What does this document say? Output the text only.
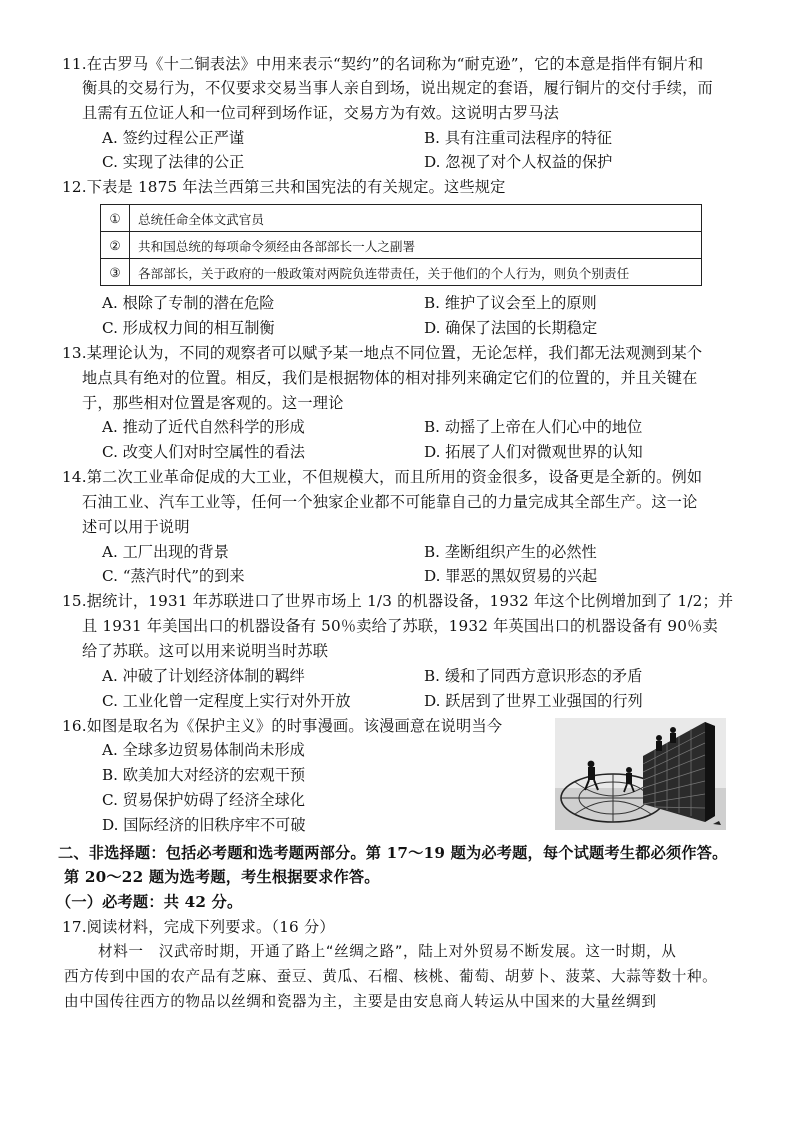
11.在古罗马《十二铜表法》中用来表示“契约”的名词称为“耐克逊”，它的本意是指伴有铜片和
衡具的交易行为，不仅要求交易当事人亲自到场，说出规定的套语，履行铜片的交付手续，而
且需有五位证人和一位司秤到场作证，交易方为有效。这说明古罗马法
A. 签约过程公正严谨	B. 具有注重司法程序的特征
C. 实现了法律的公正	D. 忽视了对个人权益的保护
12.下表是 1875 年法兰西第三共和国宪法的有关规定。这些规定
①	总统任命全体文武官员
②	共和国总统的每项命令须经由各部部长一人之副署
③	各部部长，关于政府的一般政策对两院负连带责任，关于他们的个人行为，则负个别责任
A. 根除了专制的潜在危险	B. 维护了议会至上的原则
C. 形成权力间的相互制衡	D. 确保了法国的长期稳定
13.某理论认为，不同的观察者可以赋予某一地点不同位置，无论怎样，我们都无法观测到某个
地点具有绝对的位置。相反，我们是根据物体的相对排列来确定它们的位置的，并且关键在
于，那些相对位置是客观的。这一理论
A. 推动了近代自然科学的形成	B. 动摇了上帝在人们心中的地位
C. 改变人们对时空属性的看法	D. 拓展了人们对微观世界的认知
14.第二次工业革命促成的大工业，不但规模大，而且所用的资金很多，设备更是全新的。例如
石油工业、汽车工业等，任何一个独家企业都不可能靠自己的力量完成其全部生产。这一论
述可以用于说明
A. 工厂出现的背景	B. 垄断组织产生的必然性
C. “蒸汽时代”的到来	D. 罪恶的黑奴贸易的兴起
15.据统计，1931 年苏联进口了世界市场上 1/3 的机器设备，1932 年这个比例增加到了 1/2；并
且 1931 年美国出口的机器设备有 50％卖给了苏联，1932 年英国出口的机器设备有 90％卖
给了苏联。这可以用来说明当时苏联
A. 冲破了计划经济体制的羁绊	B. 缓和了同西方意识形态的矛盾
C. 工业化曾一定程度上实行对外开放	D. 跃居到了世界工业强国的行列
16.如图是取名为《保护主义》的时事漫画。该漫画意在说明当今
A. 全球多边贸易体制尚未形成
B. 欧美加大对经济的宏观干预
C. 贸易保护妨碍了经济全球化
D. 国际经济的旧秩序牢不可破
二、非选择题：包括必考题和选考题两部分。第 17～19 题为必考题，每个试题考生都必须作答。
第 20～22 题为选考题，考生根据要求作答。
（一）必考题：共 42 分。
17.阅读材料，完成下列要求。（16 分）
材料一　汉武帝时期，开通了路上“丝绸之路”，陆上对外贸易不断发展。这一时期，从
西方传到中国的农产品有芝麻、蚕豆、黄瓜、石榴、核桃、葡萄、胡萝卜、菠菜、大蒜等数十种。
由中国传往西方的物品以丝绸和瓷器为主，主要是由安息商人转运从中国来的大量丝绸到
